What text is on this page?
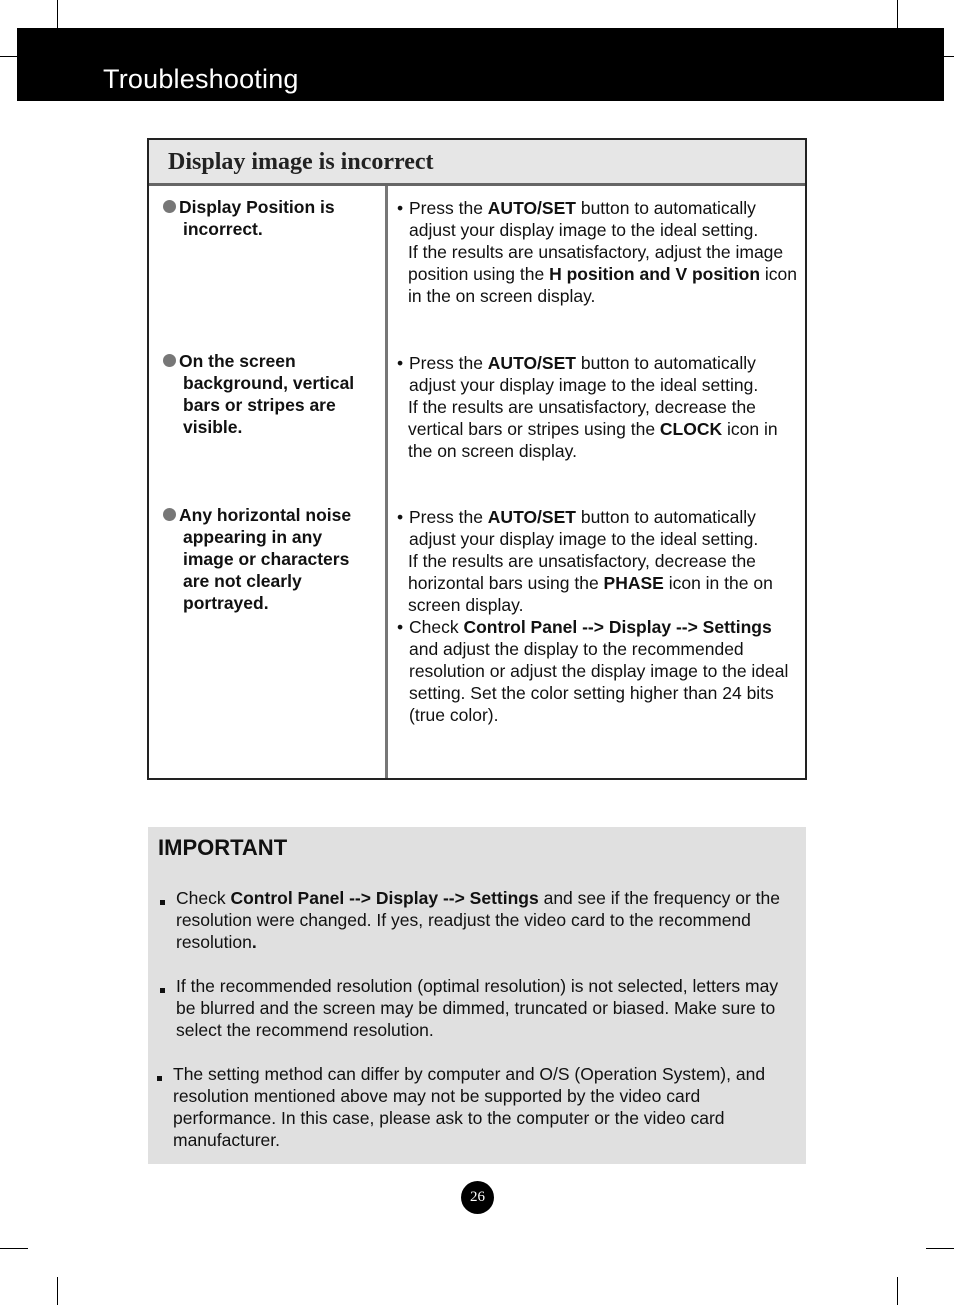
Troubleshooting
Display image is incorrect
Display Position is
incorrect.
• Press the AUTO/SET button to automatically adjust your display image to the ideal setting.
If the results are unsatisfactory, adjust the image position using the H position and V position icon in the on screen display.
On the screen
background, vertical
bars or stripes are
visible.
• Press the AUTO/SET button to automatically adjust your display image to the ideal setting.
If the results are unsatisfactory, decrease the vertical bars or stripes using the CLOCK icon in the on screen display.
Any horizontal noise
appearing in any
image or characters
are not clearly
portrayed.
• Press the AUTO/SET button to automatically adjust your display image to the ideal setting.
If the results are unsatisfactory, decrease the horizontal bars using the PHASE icon in the on screen display.
• Check Control Panel --> Display --> Settings and adjust the display to the recommended resolution or adjust the display image to the ideal setting. Set the color setting higher than 24 bits (true color).
IMPORTANT
Check Control Panel --> Display --> Settings and see if the frequency or the resolution were changed. If yes, readjust the video card to the recommend resolution.
If the recommended resolution (optimal resolution) is not selected, letters may be blurred and the screen may be dimmed, truncated or biased. Make sure to select the recommend resolution.
The setting method can differ by computer and O/S (Operation System), and resolution mentioned above may not be supported by the video card performance. In this case, please ask to the computer or the video card manufacturer.
26
